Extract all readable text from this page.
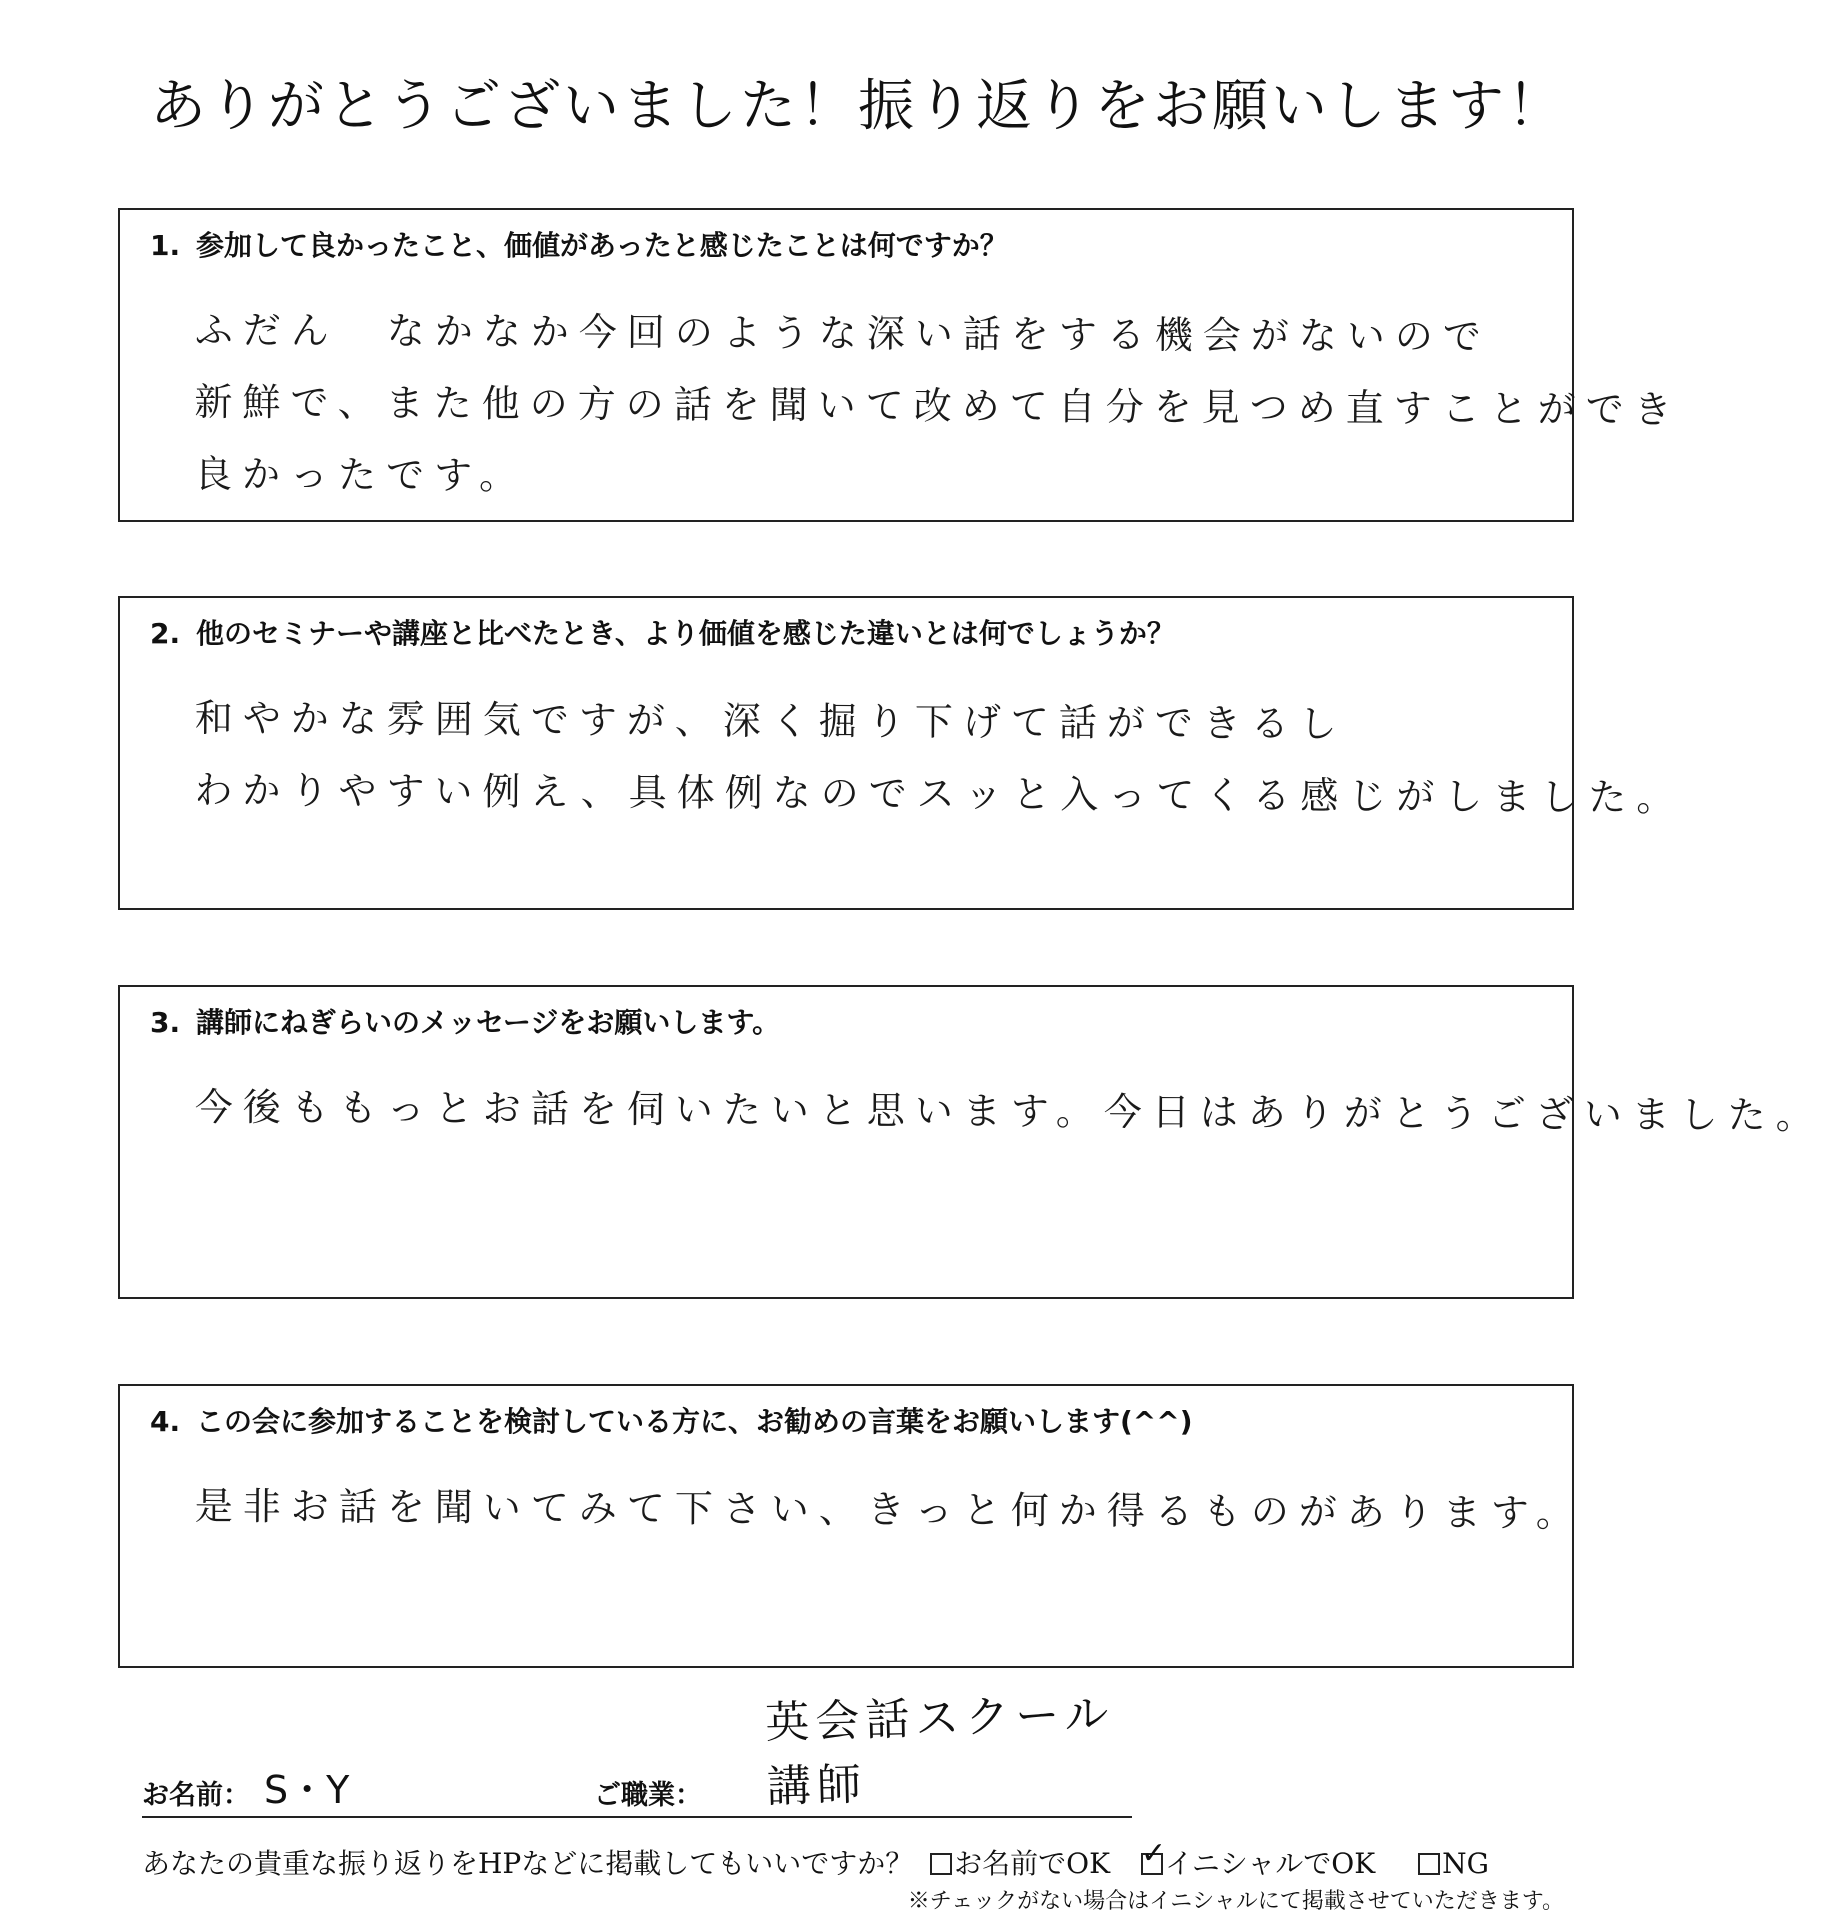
ありがとうございました！振り返りをお願いします！
1. 参加して良かったこと、価値があったと感じたことは何ですか？
ふだん　なかなか今回のような深い話をする機会がないので
新鮮で、また他の方の話を聞いて改めて自分を見つめ直すことができ
良かったです。
2. 他のセミナーや講座と比べたとき、より価値を感じた違いとは何でしょうか？
和やかな雰囲気ですが、深く掘り下げて話ができるし
わかりやすい例え、具体例なのでスッと入ってくる感じがしました。
3. 講師にねぎらいのメッセージをお願いします。
今後ももっとお話を伺いたいと思います。今日はありがとうございました。
4. この会に参加することを検討している方に、お勧めの言葉をお願いします(^^)
是非お話を聞いてみて下さい、きっと何か得るものがあります。
お名前： S・Y	ご職業：
英会話スクール講師
あなたの貴重な振り返りをHPなどに掲載してもいいですか？ お名前でOK ✓ イニシャルでOK NG
※チェックがない場合はイニシャルにて掲載させていただきます。
